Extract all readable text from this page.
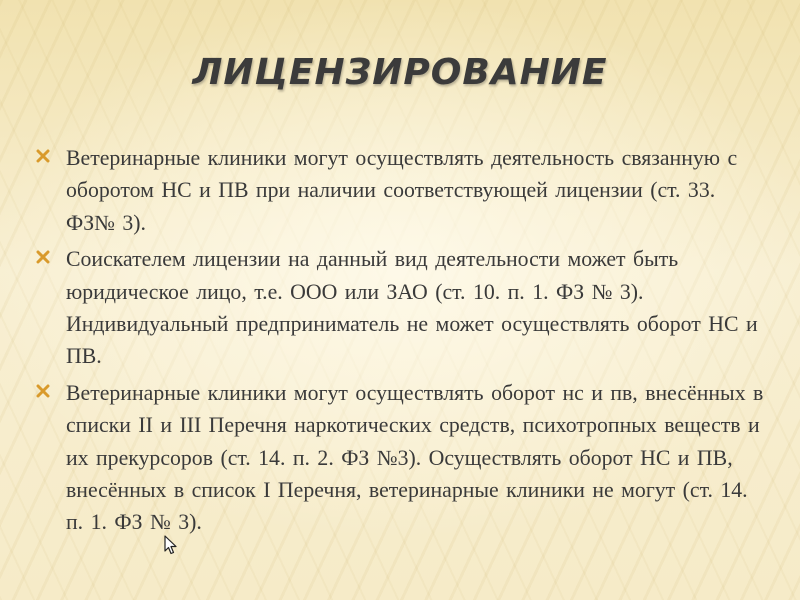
ЛИЦЕНЗИРОВАНИЕ

Ветеринарные клиники могут осуществлять деятельность связанную с оборотом НС и ПВ при наличии соответствующей лицензии (ст. 33. ФЗ№ 3).

Соискателем лицензии на данный вид деятельности может быть юридическое лицо, т.е. ООО или ЗАО (ст. 10. п. 1. ФЗ № 3). Индивидуальный предприниматель не может осуществлять оборот НС и ПВ.

Ветеринарные клиники могут осуществлять оборот нс и пв, внесённых в списки II и III Перечня наркотических средств, психотропных веществ и их прекурсоров (ст. 14. п. 2. ФЗ №3). Осуществлять оборот НС и ПВ, внесённых в список I Перечня, ветеринарные клиники не могут (ст. 14. п. 1. ФЗ № 3).
